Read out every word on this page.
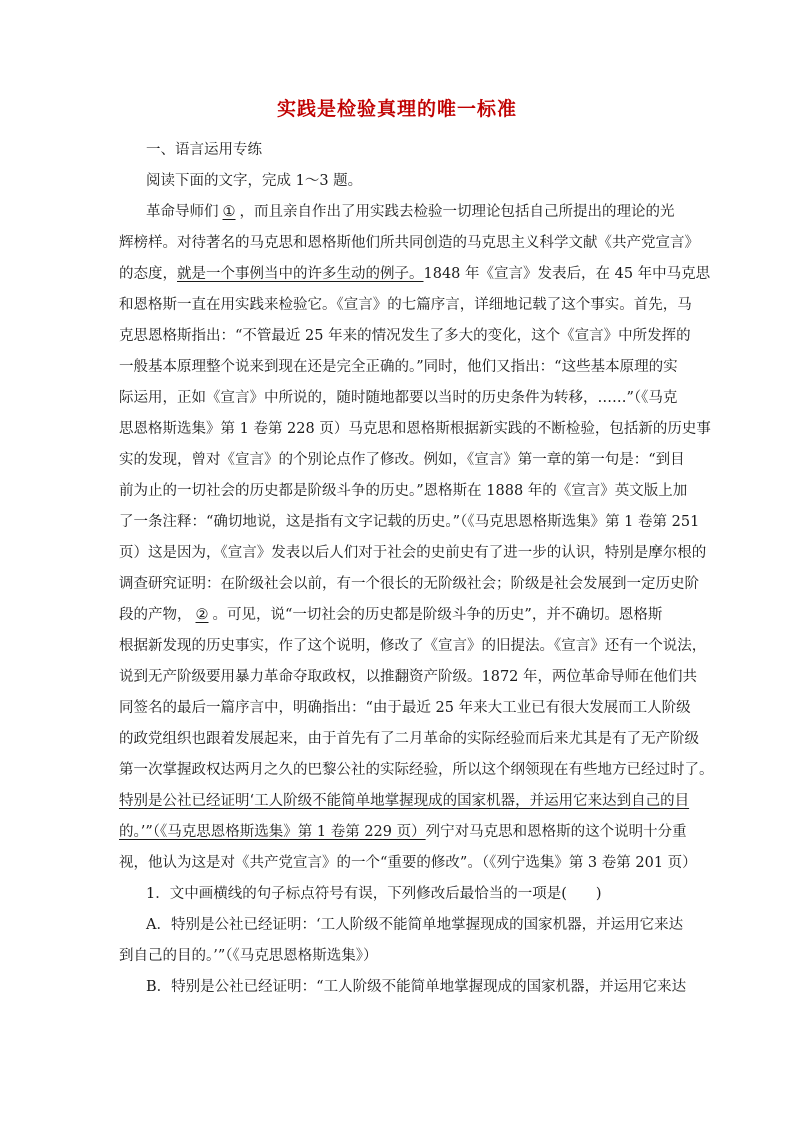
实践是检验真理的唯一标准
一、语言运用专练
阅读下面的文字，完成 1～3 题。
革命导师们 ① ，而且亲自作出了用实践去检验一切理论包括自己所提出的理论的光
辉榜样。对待著名的马克思和恩格斯他们所共同创造的马克思主义科学文献《共产党宣言》
的态度，就是一个事例当中的许多生动的例子。1848 年《宣言》发表后，在 45 年中马克思
和恩格斯一直在用实践来检验它。《宣言》的七篇序言，详细地记载了这个事实。首先，马
克思恩格斯指出：“不管最近 25 年来的情况发生了多大的变化，这个《宣言》中所发挥的
一般基本原理整个说来到现在还是完全正确的。”同时，他们又指出：“这些基本原理的实
际运用，正如《宣言》中所说的，随时随地都要以当时的历史条件为转移，……”（《马克
思恩格斯选集》第 1 卷第 228 页）马克思和恩格斯根据新实践的不断检验，包括新的历史事
实的发现，曾对《宣言》的个别论点作了修改。例如，《宣言》第一章的第一句是：“到目
前为止的一切社会的历史都是阶级斗争的历史。”恩格斯在 1888 年的《宣言》英文版上加
了一条注释：“确切地说，这是指有文字记载的历史。”（《马克思恩格斯选集》第 1 卷第 251
页）这是因为，《宣言》发表以后人们对于社会的史前史有了进一步的认识，特别是摩尔根的
调查研究证明：在阶级社会以前，有一个很长的无阶级社会；阶级是社会发展到一定历史阶
段的产物， ② 。可见，说“一切社会的历史都是阶级斗争的历史”，并不确切。恩格斯
根据新发现的历史事实，作了这个说明，修改了《宣言》的旧提法。《宣言》还有一个说法，
说到无产阶级要用暴力革命夺取政权，以推翻资产阶级。1872 年，两位革命导师在他们共
同签名的最后一篇序言中，明确指出：“由于最近 25 年来大工业已有很大发展而工人阶级
的政党组织也跟着发展起来，由于首先有了二月革命的实际经验而后来尤其是有了无产阶级
第一次掌握政权达两月之久的巴黎公社的实际经验，所以这个纲领现在有些地方已经过时了。
特别是公社已经证明‘工人阶级不能简单地掌握现成的国家机器，并运用它来达到自己的目
的。’”（《马克思恩格斯选集》第 1 卷第 229 页）列宁对马克思和恩格斯的这个说明十分重
视，他认为这是对《共产党宣言》的一个“重要的修改”。（《列宁选集》第 3 卷第 201 页）
1．文中画横线的句子标点符号有误，下列修改后最恰当的一项是(　　)
A．特别是公社已经证明：‘工人阶级不能简单地掌握现成的国家机器，并运用它来达
到自己的目的。’”（《马克思恩格斯选集》）
B．特别是公社已经证明：“工人阶级不能简单地掌握现成的国家机器，并运用它来达
